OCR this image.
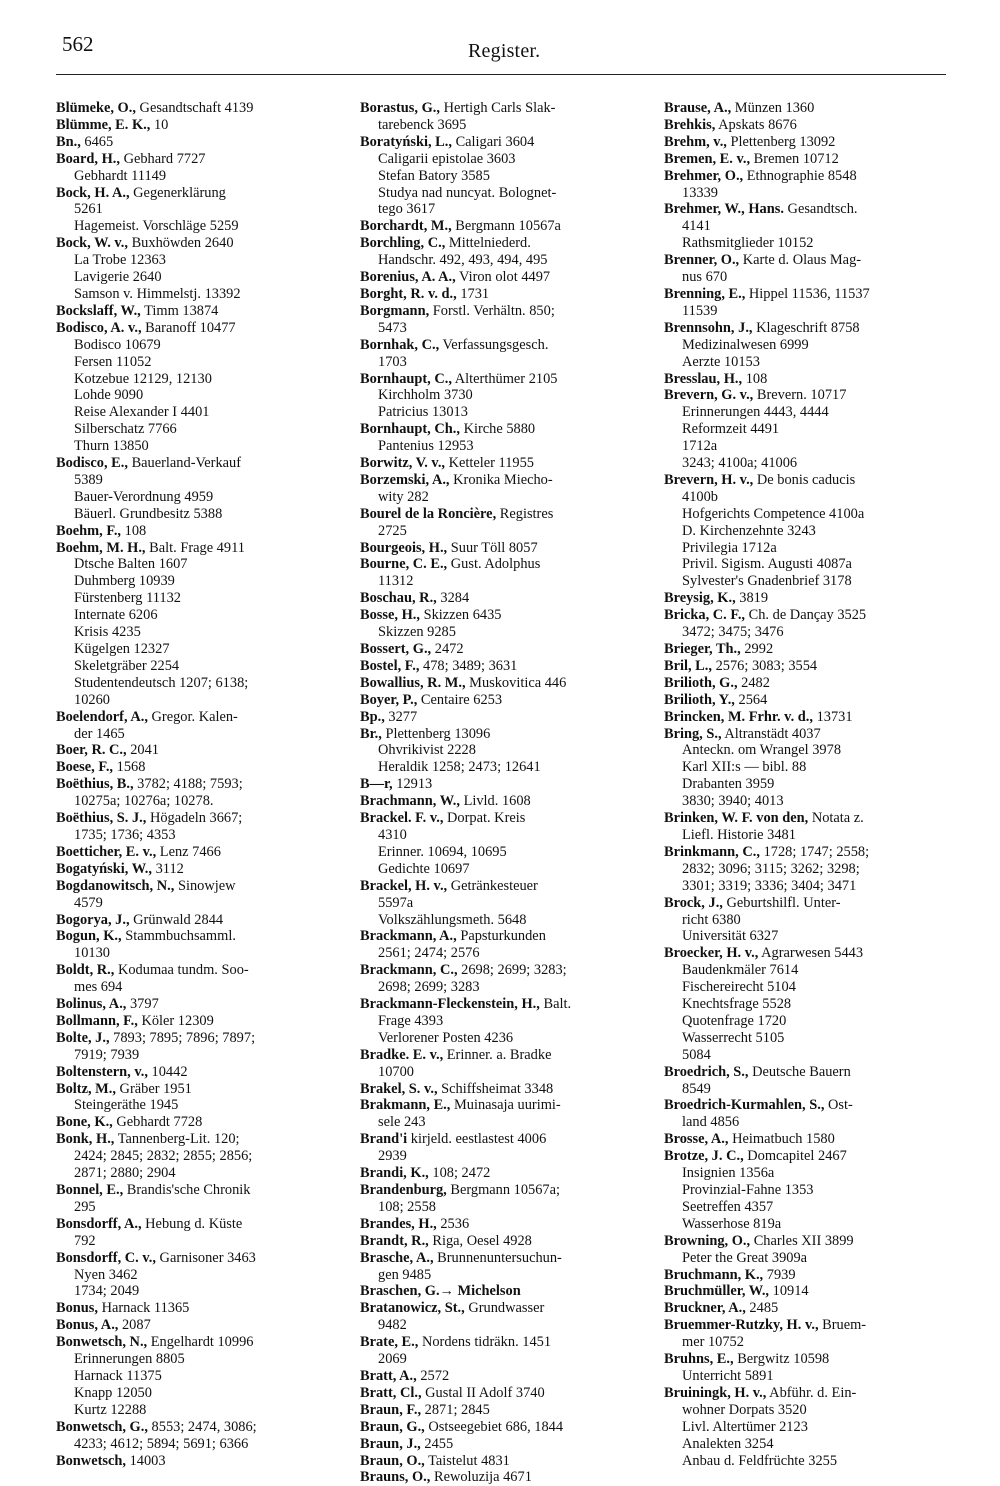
562	Register.
Blümeke, O., Gesandtschaft 4139
Blümme, E. K., 10
Bn., 6465
Board, H., Gebhard 7727
Gebhardt 11149
Bock, H. A., Gegenerklärung
5261
Hagemeist. Vorschläge 5259
Bock, W. v., Buxhöwden 2640
La Trobe 12363
Lavigerie 2640
Samson v. Himmelstj. 13392
Bockslaff, W., Timm 13874
Bodisco, A. v., Baranoff 10477
Bodisco 10679
Fersen 11052
Kotzebue 12129, 12130
Lohde 9090
Reise Alexander I 4401
Silberschatz 7766
Thurn 13850
Bodisco, E., Bauerland-Verkauf
5389
Bauer-Verordnung 4959
Bäuerl. Grundbesitz 5388
Boehm, F., 108
Boehm, M. H., Balt. Frage 4911
Dtsche Balten 1607
Duhmberg 10939
Fürstenberg 11132
Internate 6206
Krisis 4235
Kügelgen 12327
Skeletgräber 2254
Studentendeutsch 1207; 6138;
10260
Boelendorf, A., Gregor. Kalen-
der 1465
Boer, R. C., 2041
Boese, F., 1568
Boëthius, B., 3782; 4188; 7593;
10275a; 10276a; 10278.
Boëthius, S. J., Högadeln 3667;
1735; 1736; 4353
Boetticher, E. v., Lenz 7466
Bogatyński, W., 3112
Bogdanowitsch, N., Sinowjew
4579
Bogorya, J., Grünwald 2844
Bogun, K., Stammbuchsamml.
10130
Boldt, R., Kodumaa tundm. Soo-
mes 694
Bolinus, A., 3797
Bollmann, F., Köler 12309
Bolte, J., 7893; 7895; 7896; 7897;
7919; 7939
Boltenstern, v., 10442
Boltz, M., Gräber 1951
Steingeräthe 1945
Bone, K., Gebhardt 7728
Bonk, H., Tannenberg-Lit. 120;
2424; 2845; 2832; 2855; 2856;
2871; 2880; 2904
Bonnel, E., Brandis'sche Chronik
295
Bonsdorff, A., Hebung d. Küste
792
Bonsdorff, C. v., Garnisoner 3463
Nyen 3462
1734; 2049
Bonus, Harnack 11365
Bonus, A., 2087
Bonwetsch, N., Engelhardt 10996
Erinnerungen 8805
Harnack 11375
Knapp 12050
Kurtz 12288
Bonwetsch, G., 8553; 2474, 3086;
4233; 4612; 5894; 5691; 6366
Bonwetsch, 14003
Borastus, G., Hertigh Carls Slak-
tarebenck 3695
Boratyński, L., Caligari 3604
Caligarii epistolae 3603
Stefan Batory 3585
Studya nad nuncyat. Bolognet-
tego 3617
Borchardt, M., Bergmann 10567a
Borchling, C., Mittelniederd.
Handschr. 492, 493, 494, 495
Borenius, A. A., Viron olot 4497
Borght, R. v. d., 1731
Borgmann, Forstl. Verhältn. 850;
5473
Bornhak, C., Verfassungsgesch.
1703
Bornhaupt, C., Alterthümer 2105
Kirchholm 3730
Patricius 13013
Bornhaupt, Ch., Kirche 5880
Pantenius 12953
Borwitz, V. v., Ketteler 11955
Borzemski, A., Kronika Miecho-
wity 282
Bourel de la Roncière, Registres
2725
Bourgeois, H., Suur Töll 8057
Bourne, C. E., Gust. Adolphus
11312
Boschau, R., 3284
Bosse, H., Skizzen 6435
Skizzen 9285
Bossert, G., 2472
Bostel, F., 478; 3489; 3631
Bowallius, R. M., Muskovitica 446
Boyer, P., Centaire 6253
Bp., 3277
Br., Plettenberg 13096
Ohvrikivist 2228
Heraldik 1258; 2473; 12641
B—r, 12913
Brachmann, W., Livld. 1608
Brackel. F. v., Dorpat. Kreis
4310
Erinner. 10694, 10695
Gedichte 10697
Brackel, H. v., Getränkesteuer
5597a
Volkszählungsmeth. 5648
Brackmann, A., Papsturkunden
2561; 2474; 2576
Brackmann, C., 2698; 2699; 3283;
2698; 2699; 3283
Brackmann-Fleckenstein, H., Balt.
Frage 4393
Verlorener Posten 4236
Bradke. E. v., Erinner. a. Bradke
10700
Brakel, S. v., Schiffsheimat 3348
Brakmann, E., Muinasaja uurimi-
sele 243
Brand'i kirjeld. eestlastest 4006
2939
Brandi, K., 108; 2472
Brandenburg, Bergmann 10567a;
108; 2558
Brandes, H., 2536
Brandt, R., Riga, Oesel 4928
Brasche, A., Brunnenuntersuchun-
gen 9485
Braschen, G.→ Michelson
Bratanowicz, St., Grundwasser
9482
Brate, E., Nordens tidräkn. 1451
2069
Bratt, A., 2572
Bratt, Cl., Gustal II Adolf 3740
Braun, F., 2871; 2845
Braun, G., Ostseegebiet 686, 1844
Braun, J., 2455
Braun, O., Taistelut 4831
Brauns, O., Rewoluzija 4671
Brause, A., Münzen 1360
Brehkis, Apskats 8676
Brehm, v., Plettenberg 13092
Bremen, E. v., Bremen 10712
Brehmer, O., Ethnographie 8548
13339
Brehmer, W., Hans. Gesandtsch.
4141
Rathsmitglieder 10152
Brenner, O., Karte d. Olaus Mag-
nus 670
Brenning, E., Hippel 11536, 11537
11539
Brennsohn, J., Klageschrift 8758
Medizinalwesen 6999
Aerzte 10153
Bresslau, H., 108
Brevern, G. v., Brevern. 10717
Erinnerungen 4443, 4444
Reformzeit 4491
1712a
3243; 4100a; 41006
Brevern, H. v., De bonis caducis
4100b
Hofgerichts Competence 4100a
D. Kirchenzehnte 3243
Privilegia 1712a
Privil. Sigism. Augusti 4087a
Sylvester's Gnadenbrief 3178
Breysig, K., 3819
Bricka, C. F., Ch. de Dançay 3525
3472; 3475; 3476
Brieger, Th., 2992
Bril, L., 2576; 3083; 3554
Brilioth, G., 2482
Brilioth, Y., 2564
Brincken, M. Frhr. v. d., 13731
Bring, S., Altranstädt 4037
Anteckn. om Wrangel 3978
Karl XII:s — bibl. 88
Drabanten 3959
3830; 3940; 4013
Brinken, W. F. von den, Notata z.
Liefl. Historie 3481
Brinkmann, C., 1728; 1747; 2558;
2832; 3096; 3115; 3262; 3298;
3301; 3319; 3336; 3404; 3471
Brock, J., Geburtshilfl. Unter-
richt 6380
Universität 6327
Broecker, H. v., Agrarwesen 5443
Baudenkmäler 7614
Fischereirecht 5104
Knechtsfrage 5528
Quotenfrage 1720
Wasserrecht 5105
5084
Broedrich, S., Deutsche Bauern
8549
Broedrich-Kurmahlen, S., Ost-
land 4856
Brosse, A., Heimatbuch 1580
Brotze, J. C., Domcapitel 2467
Insignien 1356a
Provinzial-Fahne 1353
Seetreffen 4357
Wasserhose 819a
Browning, O., Charles XII 3899
Peter the Great 3909a
Bruchmann, K., 7939
Bruchmüller, W., 10914
Bruckner, A., 2485
Bruemmer-Rutzky, H. v., Bruem-
mer 10752
Bruhns, E., Bergwitz 10598
Unterricht 5891
Bruiningk, H. v., Abführ. d. Ein-
wohner Dorpats 3520
Livl. Altertümer 2123
Analekten 3254
Anbau d. Feldfrüchte 3255
